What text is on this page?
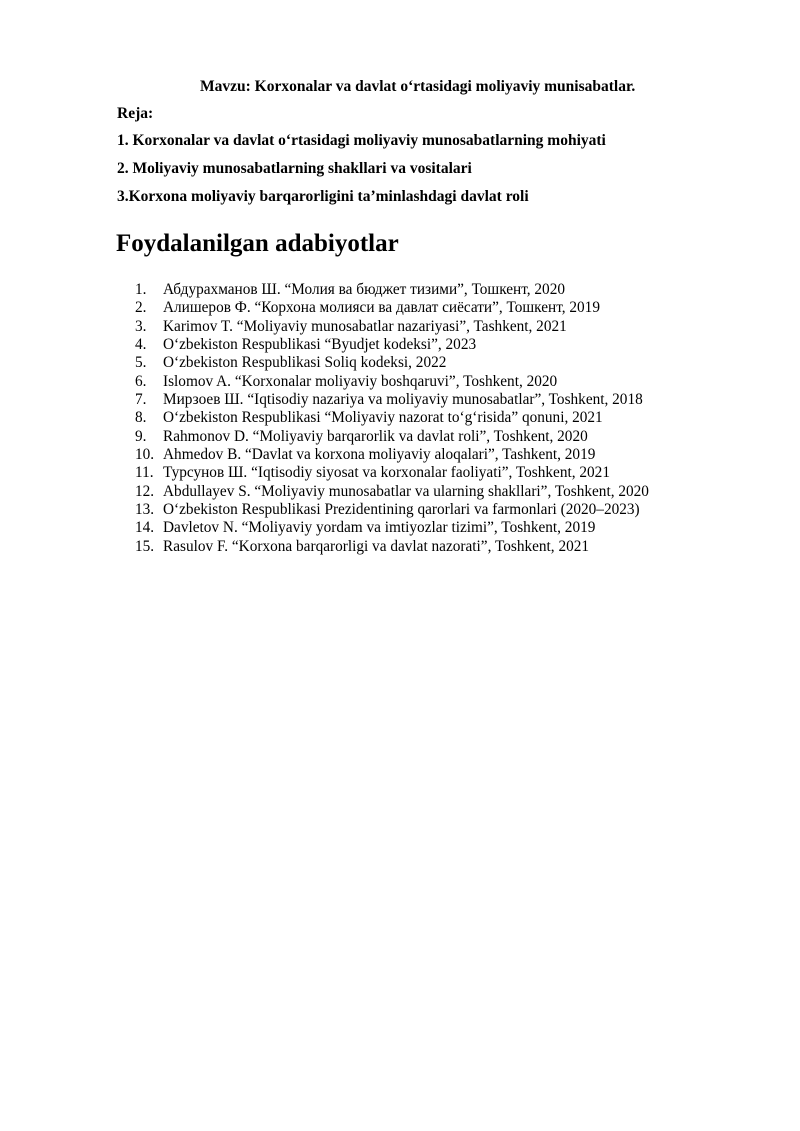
Mavzu: Korxonalar va davlat oʻrtasidagi moliyaviy munisabatlar.
Reja:
1. Korxonalar va davlat oʻrtasidagi moliyaviy munosabatlarning mohiyati
2. Moliyaviy munosabatlarning shakllari va vositalari
3.Korxona moliyaviy barqarorligini ta’minlashdagi davlat roli
Foydalanilgan adabiyotlar
1. Абдурахманов Ш. “Молия ва бюджет тизими”, Тошкент, 2020
2. Алишеров Ф. “Корхона молияси ва давлат сиёсати”, Тошкент, 2019
3. Karimov T. “Moliyaviy munosabatlar nazariyasi”, Tashkent, 2021
4. Oʻzbekiston Respublikasi “Byudjet kodeksi”, 2023
5. Oʻzbekiston Respublikasi Soliq kodeksi, 2022
6. Islomov A. “Korxonalar moliyaviy boshqaruvi”, Toshkent, 2020
7. Мирзоев Ш. “Iqtisodiy nazariya va moliyaviy munosabatlar”, Toshkent, 2018
8. Oʻzbekiston Respublikasi “Moliyaviy nazorat toʻgʻrisida” qonuni, 2021
9. Rahmonov D. “Moliyaviy barqarorlik va davlat roli”, Toshkent, 2020
10. Ahmedov B. “Davlat va korxona moliyaviy aloqalari”, Tashkent, 2019
11. Турсунов Ш. “Iqtisodiy siyosat va korxonalar faoliyati”, Toshkent, 2021
12. Abdullayev S. “Moliyaviy munosabatlar va ularning shakllari”, Toshkent, 2020
13. Oʻzbekiston Respublikasi Prezidentining qarorlari va farmonlari (2020–2023)
14. Davletov N. “Moliyaviy yordam va imtiyozlar tizimi”, Toshkent, 2019
15. Rasulov F. “Korxona barqarorligi va davlat nazorati”, Toshkent, 2021
